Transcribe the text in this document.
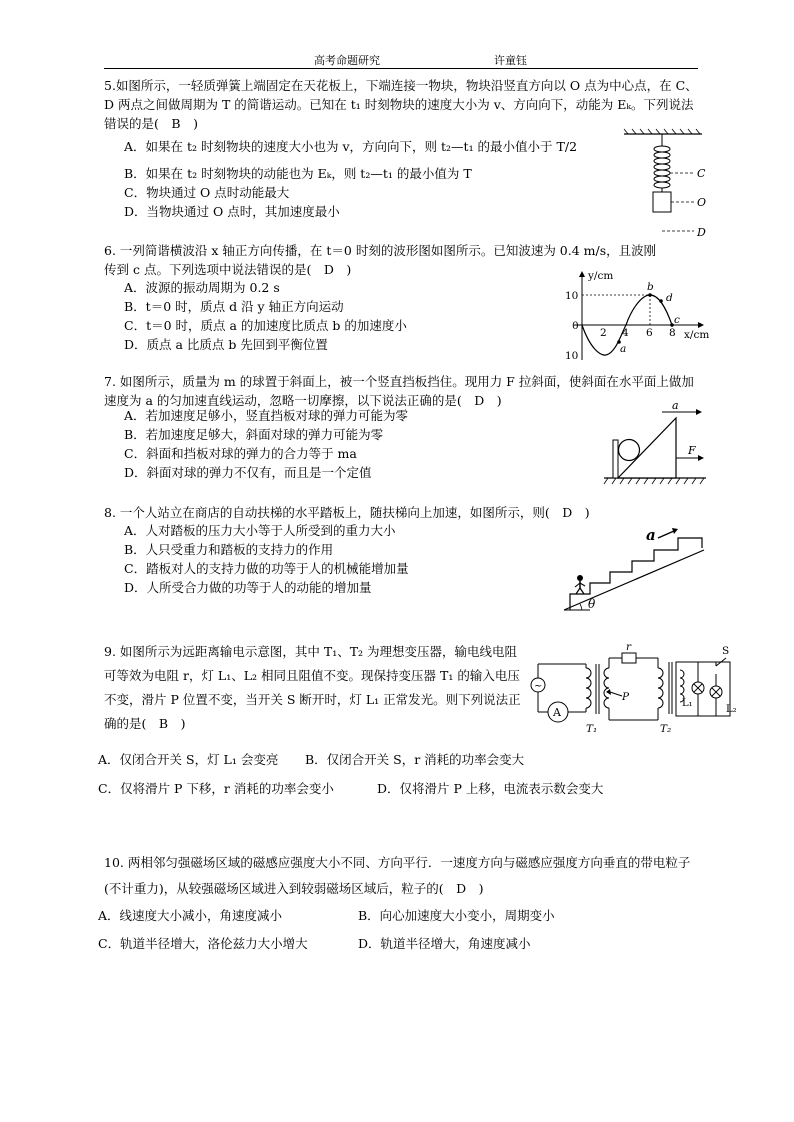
高考命题研究	许童钰
5.如图所示，一轻质弹簧上端固定在天花板上，下端连接一物块，物块沿竖直方向以 O 点为中心点，在 C、D 两点之间做周期为 T 的简谐运动。已知在 t₁ 时刻物块的速度大小为 v、方向向下，动能为 Eₖ。下列说法错误的是(　B　)
A．如果在 t₂ 时刻物块的速度大小也为 v，方向向下，则 t₂—t₁ 的最小值小于 T/2
B．如果在 t₂ 时刻物块的动能也为 Eₖ，则 t₂—t₁ 的最小值为 T
C．物块通过 O 点时动能最大
D．当物块通过 O 点时，其加速度最小
C
O
D
6. 一列简谐横波沿 x 轴正方向传播，在 t＝0 时刻的波形图如图所示。已知波速为 0.4 m/s，且波刚传到 c 点。下列选项中说法错误的是(　D　)
A．波源的振动周期为 0.2 s
B．t＝0 时，质点 d 沿 y 轴正方向运动
C．t＝0 时，质点 a 的加速度比质点 b 的加速度小
D．质点 a 比质点 b 先回到平衡位置
y/cm
x/cm
10
0
10
2 4 6 8
a
b
d
c
7. 如图所示，质量为 m 的球置于斜面上，被一个竖直挡板挡住。现用力 F 拉斜面，使斜面在水平面上做加速度为 a 的匀加速直线运动，忽略一切摩擦，以下说法正确的是(　D　)
A．若加速度足够小，竖直挡板对球的弹力可能为零
B．若加速度足够大，斜面对球的弹力可能为零
C．斜面和挡板对球的弹力的合力等于 ma
D．斜面对球的弹力不仅有，而且是一个定值
a
F
8. 一个人站立在商店的自动扶梯的水平踏板上，随扶梯向上加速，如图所示，则(　D　)
A．人对踏板的压力大小等于人所受到的重力大小
B．人只受重力和踏板的支持力的作用
C．踏板对人的支持力做的功等于人的机械能增加量
D．人所受合力做的功等于人的动能的增加量
θ
a
9. 如图所示为远距离输电示意图，其中 T₁、T₂ 为理想变压器，输电线电阻可等效为电阻 r，灯 L₁、L₂ 相同且阻值不变。现保持变压器 T₁ 的输入电压不变，滑片 P 位置不变，当开关 S 断开时，灯 L₁ 正常发光。则下列说法正确的是(　B　)
A．仅闭合开关 S，灯 L₁ 会变亮 B．仅闭合开关 S，r 消耗的功率会变大
C．仅将滑片 P 下移，r 消耗的功率会变小	D．仅将滑片 P 上移，电流表示数会变大
~
A
r
P
S
L₁
L₂
T₁	T₂
10. 两相邻匀强磁场区域的磁感应强度大小不同、方向平行．一速度方向与磁感应强度方向垂直的带电粒子(不计重力)，从较强磁场区域进入到较弱磁场区域后，粒子的(　D　)
A．线速度大小减小，角速度减小	B．向心加速度大小变小，周期变小
C．轨道半径增大，洛伦兹力大小增大	D．轨道半径增大，角速度减小
